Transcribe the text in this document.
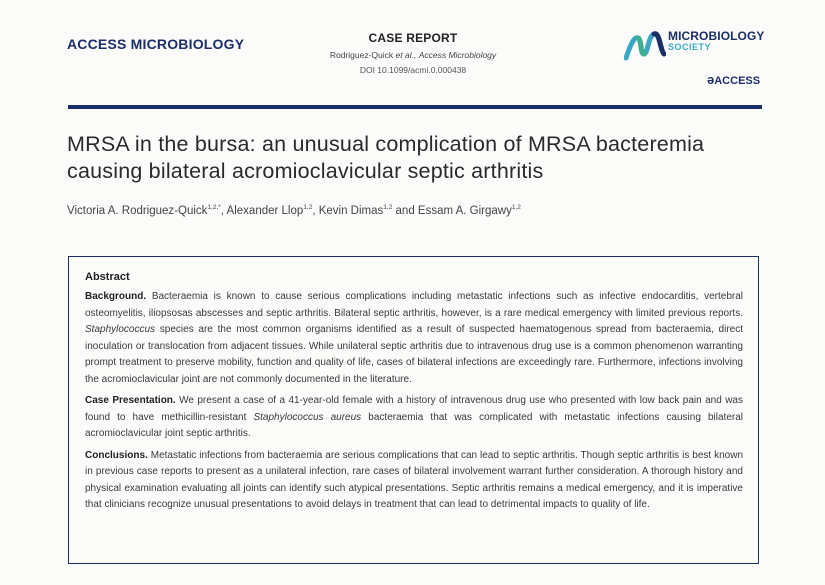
ACCESS MICROBIOLOGY	CASE REPORT
Rodriguez-Quick et al., Access Microbiology
DOI 10.1099/acmi.0.000438
MICROBIOLOGY
SOCIETY
əACCESS
MRSA in the bursa: an unusual complication of MRSA bacteremia causing bilateral acromioclavicular septic arthritis
Victoria A. Rodriguez-Quick$^{1,2,*}$, Alexander Llop$^{1,2}$, Kevin Dimas$^{1,2}$ and Essam A. Girgawy$^{1,2}$
Abstract
Background. Bacteraemia is known to cause serious complications including metastatic infections such as infective endocarditis, vertebral osteomyelitis, iliopsosas abscesses and septic arthritis. Bilateral septic arthritis, however, is a rare medical emergency with limited previous reports. Staphylococcus species are the most common organisms identified as a result of suspected haematogenous spread from bacteraemia, direct inoculation or translocation from adjacent tissues. While unilateral septic arthritis due to intravenous drug use is a common phenomenon warranting prompt treatment to preserve mobility, function and quality of life, cases of bilateral infections are exceedingly rare. Furthermore, infections involving the acromioclavicular joint are not commonly documented in the literature.
Case Presentation. We present a case of a 41-year-old female with a history of intravenous drug use who presented with low back pain and was found to have methicillin-resistant Staphylococcus aureus bacteraemia that was complicated with metastatic infections causing bilateral acromioclavicular joint septic arthritis.
Conclusions. Metastatic infections from bacteraemia are serious complications that can lead to septic arthritis. Though septic arthritis is best known in previous case reports to present as a unilateral infection, rare cases of bilateral involvement warrant further consideration. A thorough history and physical examination evaluating all joints can identify such atypical presentations. Septic arthritis remains a medical emergency, and it is imperative that clinicians recognize unusual presentations to avoid delays in treatment that can lead to detrimental impacts to quality of life.
